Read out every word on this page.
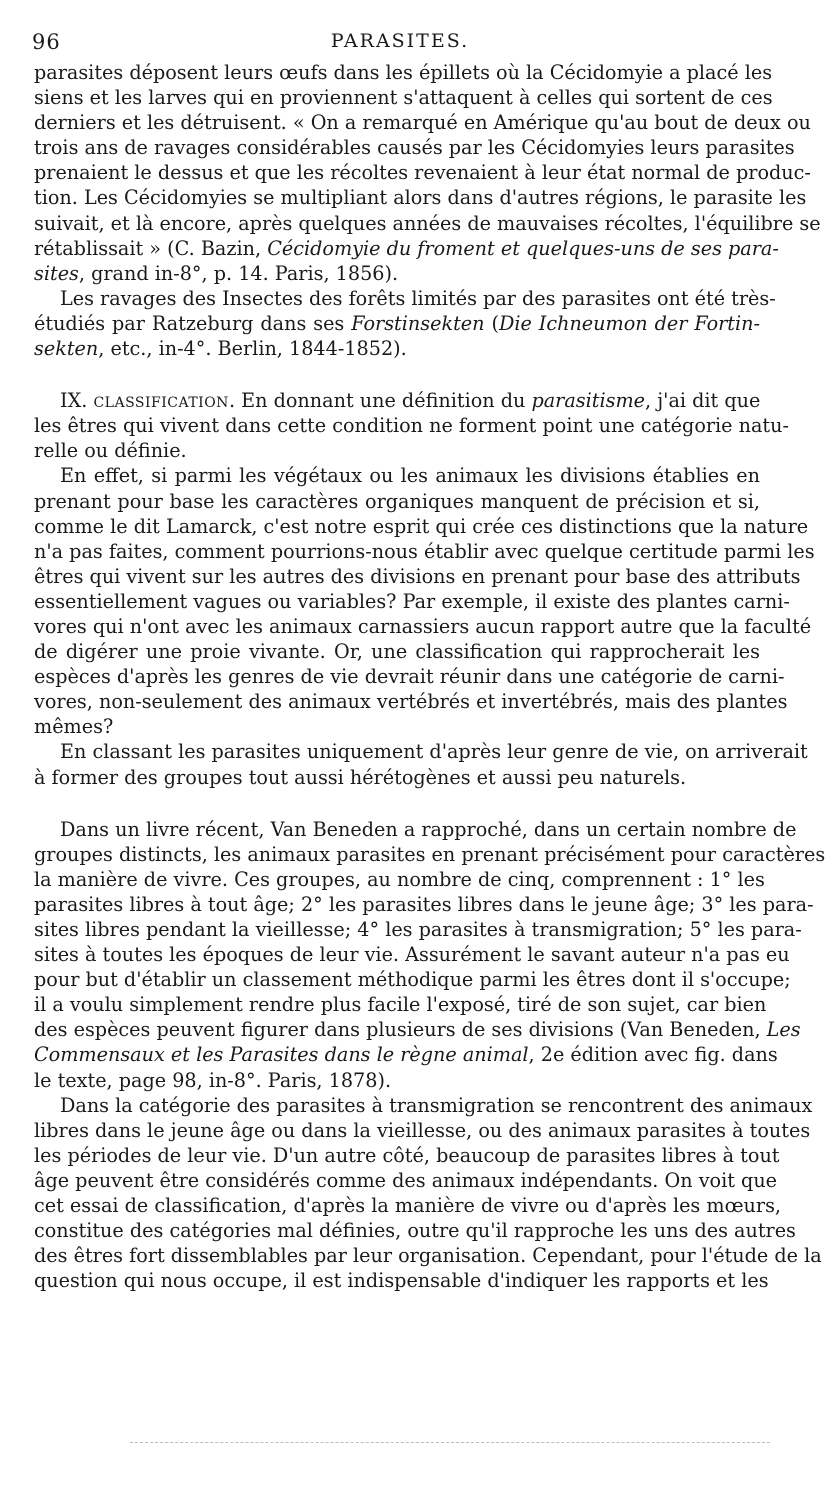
96	PARASITES.
parasites déposent leurs œufs dans les épillets où la Cécidomyie a placé les
siens et les larves qui en proviennent s'attaquent à celles qui sortent de ces
derniers et les détruisent. « On a remarqué en Amérique qu'au bout de deux ou
trois ans de ravages considérables causés par les Cécidomyies leurs parasites
prenaient le dessus et que les récoltes revenaient à leur état normal de produc-
tion. Les Cécidomyies se multipliant alors dans d'autres régions, le parasite les
suivait, et là encore, après quelques années de mauvaises récoltes, l'équilibre se
rétablissait » (C. Bazin, Cécidomyie du froment et quelques-uns de ses para-
sites, grand in-8°, p. 14. Paris, 1856).
Les ravages des Insectes des forêts limités par des parasites ont été très-
étudiés par Ratzeburg dans ses Forstinsekten (Die Ichneumon der Fortin-
sekten, etc., in-4°. Berlin, 1844-1852).
IX. CLASSIFICATION. En donnant une définition du parasitisme, j'ai dit que
les êtres qui vivent dans cette condition ne forment point une catégorie natu-
relle ou définie.
En effet, si parmi les végétaux ou les animaux les divisions établies en
prenant pour base les caractères organiques manquent de précision et si,
comme le dit Lamarck, c'est notre esprit qui crée ces distinctions que la nature
n'a pas faites, comment pourrions-nous établir avec quelque certitude parmi les
êtres qui vivent sur les autres des divisions en prenant pour base des attributs
essentiellement vagues ou variables? Par exemple, il existe des plantes carni-
vores qui n'ont avec les animaux carnassiers aucun rapport autre que la faculté
de digérer une proie vivante. Or, une classification qui rapprocherait les
espèces d'après les genres de vie devrait réunir dans une catégorie de carni-
vores, non-seulement des animaux vertébrés et invertébrés, mais des plantes
mêmes?
En classant les parasites uniquement d'après leur genre de vie, on arriverait
à former des groupes tout aussi hérétogènes et aussi peu naturels.
Dans un livre récent, Van Beneden a rapproché, dans un certain nombre de
groupes distincts, les animaux parasites en prenant précisément pour caractères
la manière de vivre. Ces groupes, au nombre de cinq, comprennent : 1° les
parasites libres à tout âge; 2° les parasites libres dans le jeune âge; 3° les para-
sites libres pendant la vieillesse; 4° les parasites à transmigration; 5° les para-
sites à toutes les époques de leur vie. Assurément le savant auteur n'a pas eu
pour but d'établir un classement méthodique parmi les êtres dont il s'occupe;
il a voulu simplement rendre plus facile l'exposé, tiré de son sujet, car bien
des espèces peuvent figurer dans plusieurs de ses divisions (Van Beneden, Les
Commensaux et les Parasites dans le règne animal, 2e édition avec fig. dans
le texte, page 98, in-8°. Paris, 1878).
Dans la catégorie des parasites à transmigration se rencontrent des animaux
libres dans le jeune âge ou dans la vieillesse, ou des animaux parasites à toutes
les périodes de leur vie. D'un autre côté, beaucoup de parasites libres à tout
âge peuvent être considérés comme des animaux indépendants. On voit que
cet essai de classification, d'après la manière de vivre ou d'après les mœurs,
constitue des catégories mal définies, outre qu'il rapproche les uns des autres
des êtres fort dissemblables par leur organisation. Cependant, pour l'étude de la
question qui nous occupe, il est indispensable d'indiquer les rapports et les
